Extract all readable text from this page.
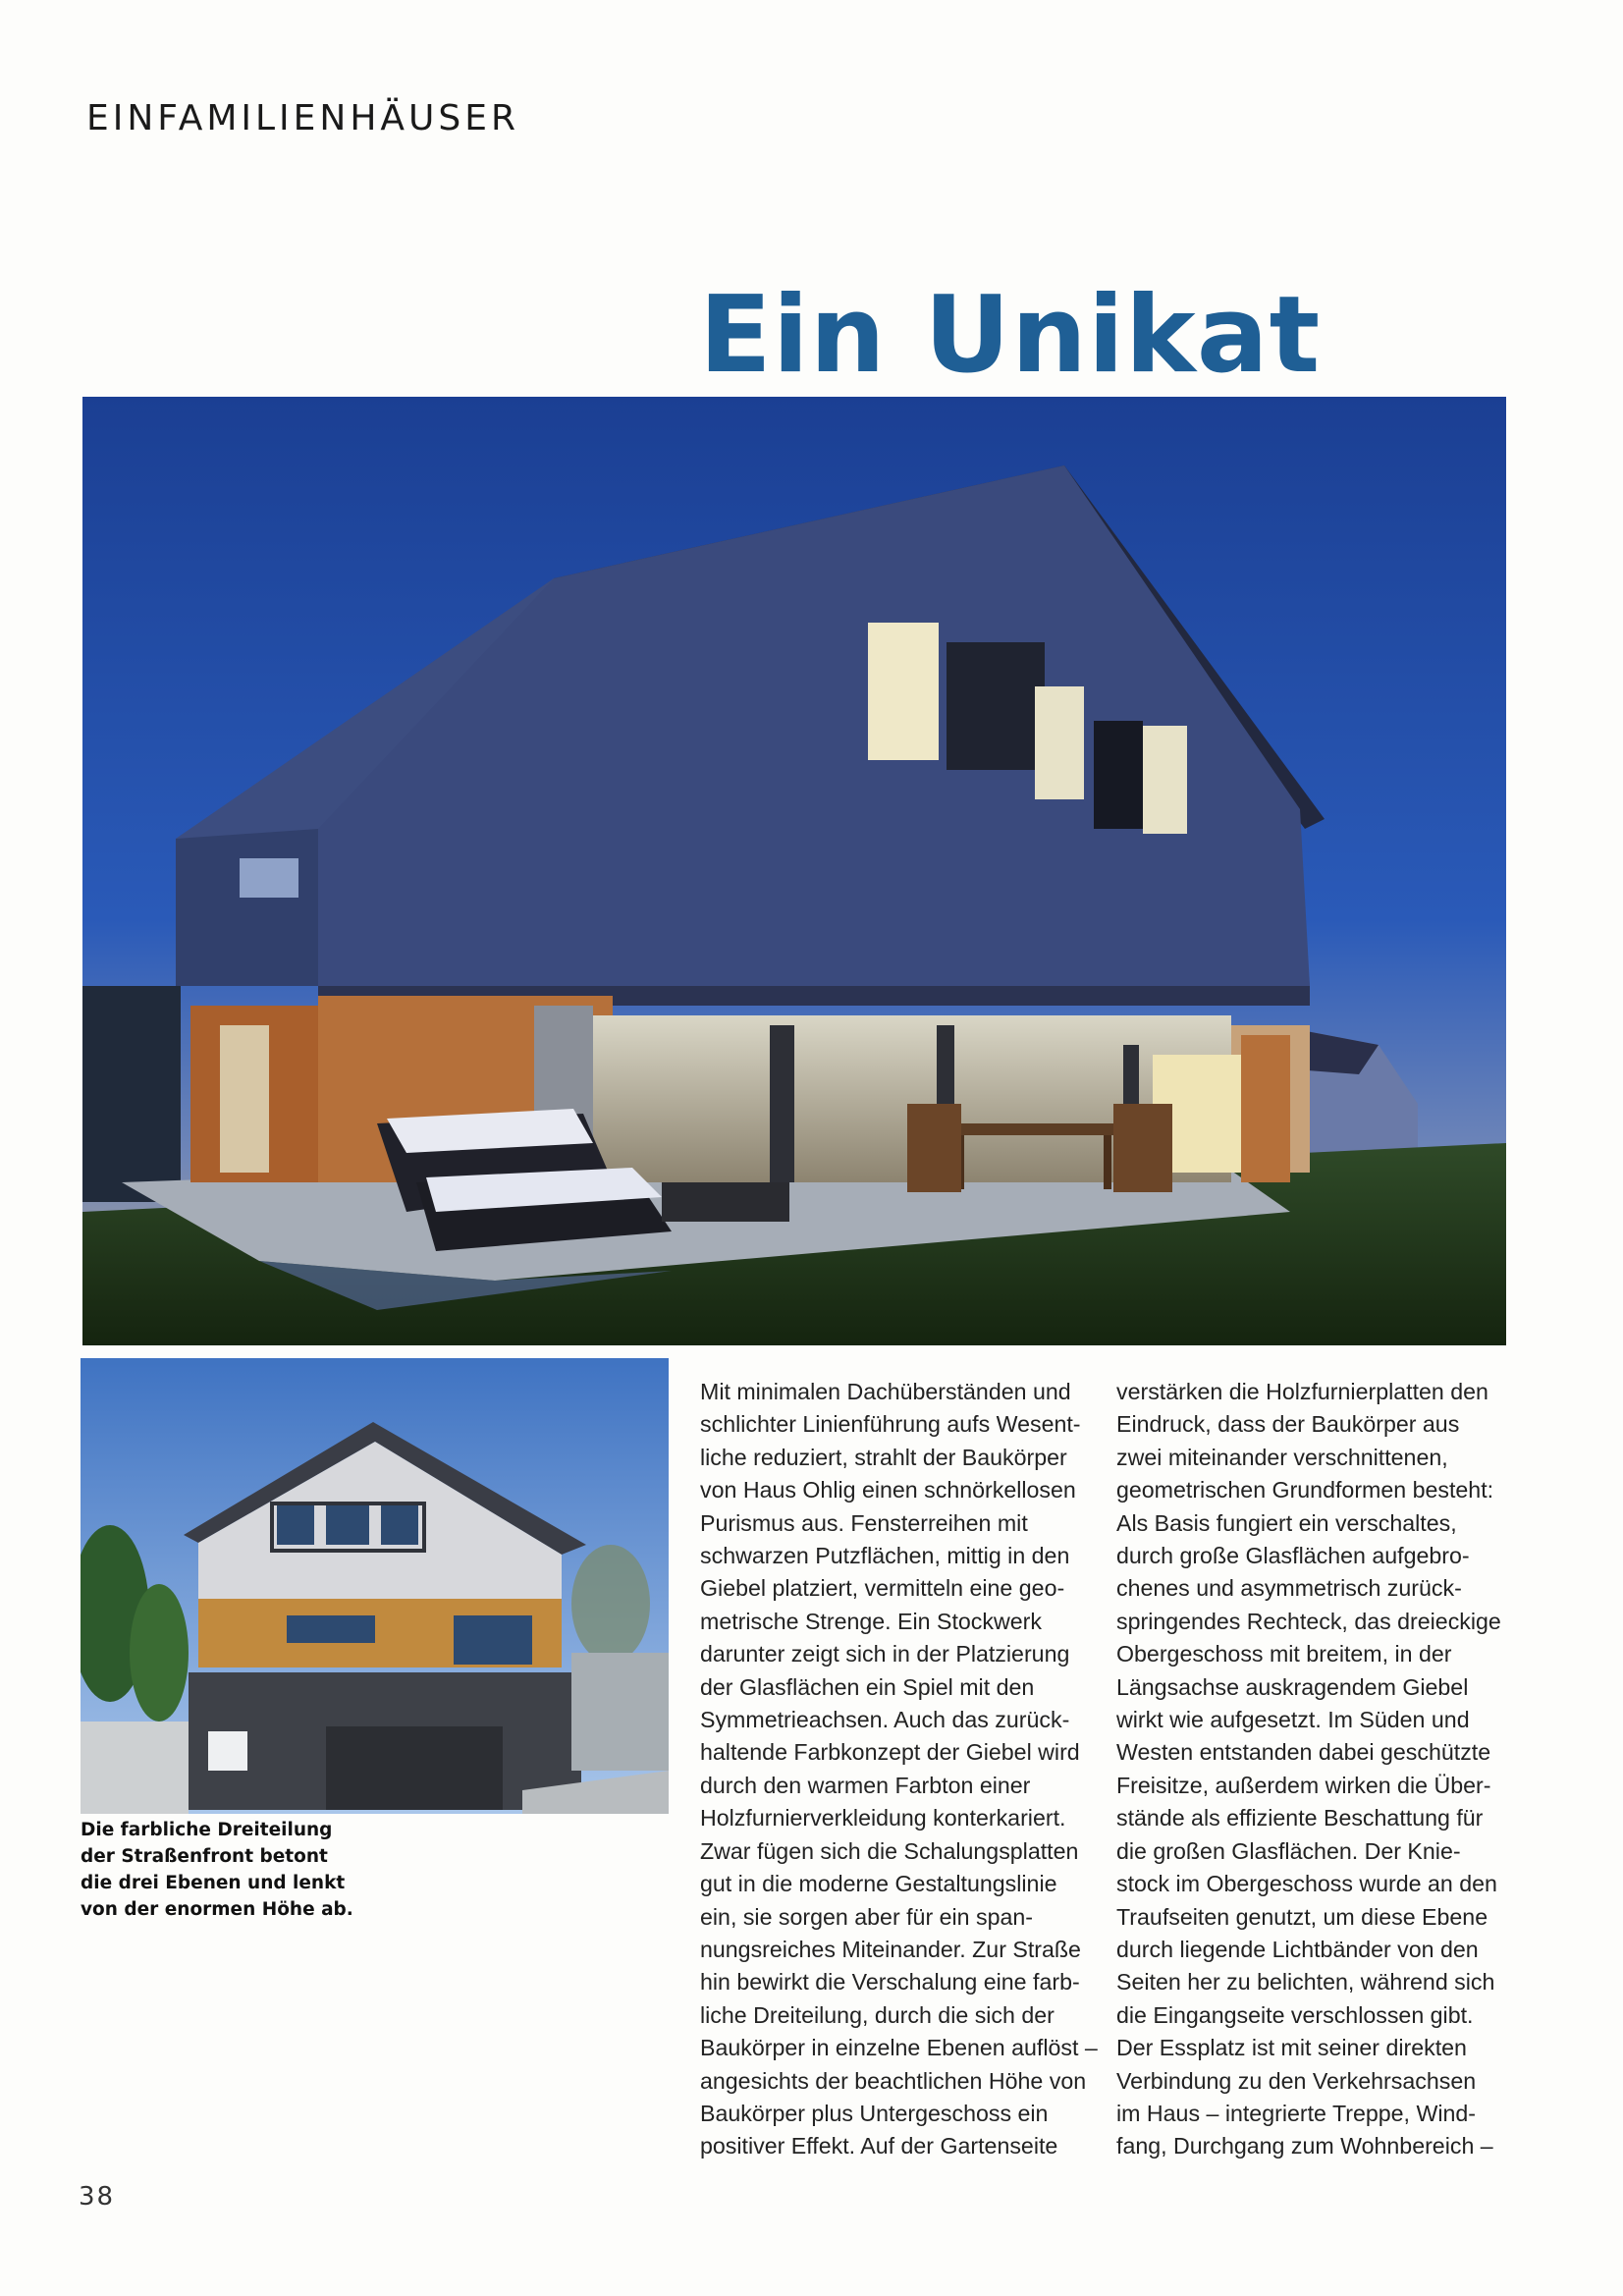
EINFAMILIENHÄUSER
Ein Unikat

Die farbliche Dreiteilung der Straßenfront betont die drei Ebenen und lenkt von der enormen Höhe ab.

Mit minimalen Dachüberständen und
schlichter Linienführung aufs Wesent-
liche reduziert, strahlt der Baukörper
von Haus Ohlig einen schnörkellosen
Purismus aus. Fensterreihen mit
schwarzen Putzflächen, mittig in den
Giebel platziert, vermitteln eine geo-
metrische Strenge. Ein Stockwerk
darunter zeigt sich in der Platzierung
der Glasflächen ein Spiel mit den
Symmetrieachsen. Auch das zurück-
haltende Farbkonzept der Giebel wird
durch den warmen Farbton einer
Holzfurnierverkleidung konterkariert.
Zwar fügen sich die Schalungsplatten
gut in die moderne Gestaltungslinie
ein, sie sorgen aber für ein span-
nungsreiches Miteinander. Zur Straße
hin bewirkt die Verschalung eine farb-
liche Dreiteilung, durch die sich der
Baukörper in einzelne Ebenen auflöst –
angesichts der beachtlichen Höhe von
Baukörper plus Untergeschoss ein
positiver Effekt. Auf der Gartenseite
verstärken die Holzfurnierplatten den
Eindruck, dass der Baukörper aus
zwei miteinander verschnittenen,
geometrischen Grundformen besteht:
Als Basis fungiert ein verschaltes,
durch große Glasflächen aufgebro-
chenes und asymmetrisch zurück-
springendes Rechteck, das dreieckige
Obergeschoss mit breitem, in der
Längsachse auskragendem Giebel
wirkt wie aufgesetzt. Im Süden und
Westen entstanden dabei geschützte
Freisitze, außerdem wirken die Über-
stände als effiziente Beschattung für
die großen Glasflächen. Der Knie-
stock im Obergeschoss wurde an den
Traufseiten genutzt, um diese Ebene
durch liegende Lichtbänder von den
Seiten her zu belichten, während sich
die Eingangseite verschlossen gibt.
Der Essplatz ist mit seiner direkten
Verbindung zu den Verkehrsachsen
im Haus – integrierte Treppe, Wind-
fang, Durchgang zum Wohnbereich –
38
